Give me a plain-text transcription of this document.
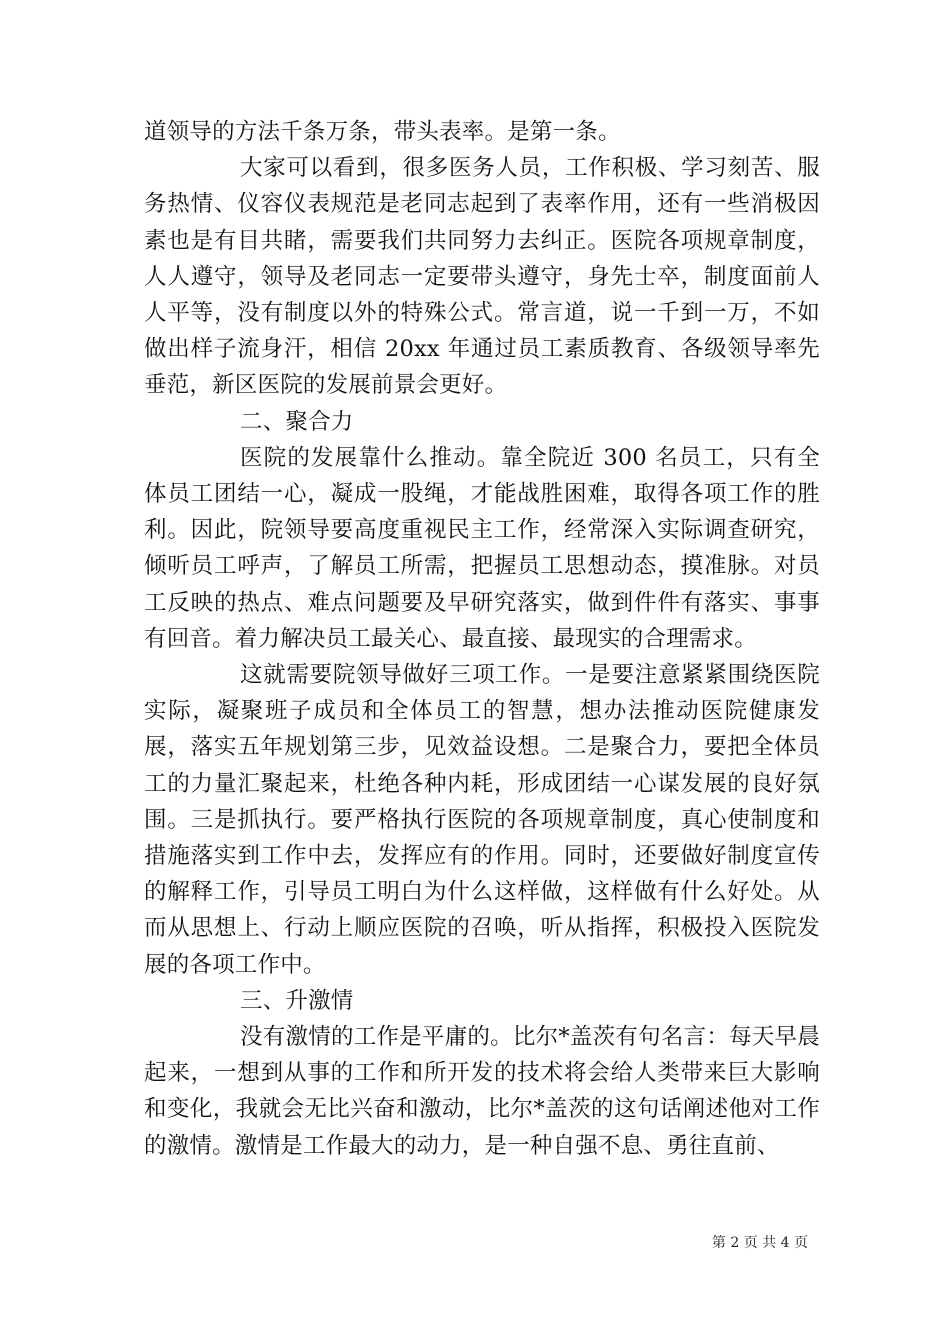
道领导的方法千条万条，带头表率。是第一条。

大家可以看到，很多医务人员，工作积极、学习刻苦、服务热情、仪容仪表规范是老同志起到了表率作用，还有一些消极因素也是有目共睹，需要我们共同努力去纠正。医院各项规章制度，人人遵守，领导及老同志一定要带头遵守，身先士卒，制度面前人人平等，没有制度以外的特殊公式。常言道，说一千到一万，不如做出样子流身汗，相信 20xx 年通过员工素质教育、各级领导率先垂范，新区医院的发展前景会更好。

二、聚合力

医院的发展靠什么推动。靠全院近 300 名员工，只有全体员工团结一心，凝成一股绳，才能战胜困难，取得各项工作的胜利。因此，院领导要高度重视民主工作，经常深入实际调查研究，倾听员工呼声，了解员工所需，把握员工思想动态，摸准脉。对员工反映的热点、难点问题要及早研究落实，做到件件有落实、事事有回音。着力解决员工最关心、最直接、最现实的合理需求。

这就需要院领导做好三项工作。一是要注意紧紧围绕医院实际，凝聚班子成员和全体员工的智慧，想办法推动医院健康发展，落实五年规划第三步，见效益设想。二是聚合力，要把全体员工的力量汇聚起来，杜绝各种内耗，形成团结一心谋发展的良好氛围。三是抓执行。要严格执行医院的各项规章制度，真心使制度和措施落实到工作中去，发挥应有的作用。同时，还要做好制度宣传的解释工作，引导员工明白为什么这样做，这样做有什么好处。从而从思想上、行动上顺应医院的召唤，听从指挥，积极投入医院发展的各项工作中。

三、升激情

没有激情的工作是平庸的。比尔*盖茨有句名言：每天早晨起来，一想到从事的工作和所开发的技术将会给人类带来巨大影响和变化，我就会无比兴奋和激动，比尔*盖茨的这句话阐述他对工作的激情。激情是工作最大的动力，是一种自强不息、勇往直前、

第 2 页 共 4 页
